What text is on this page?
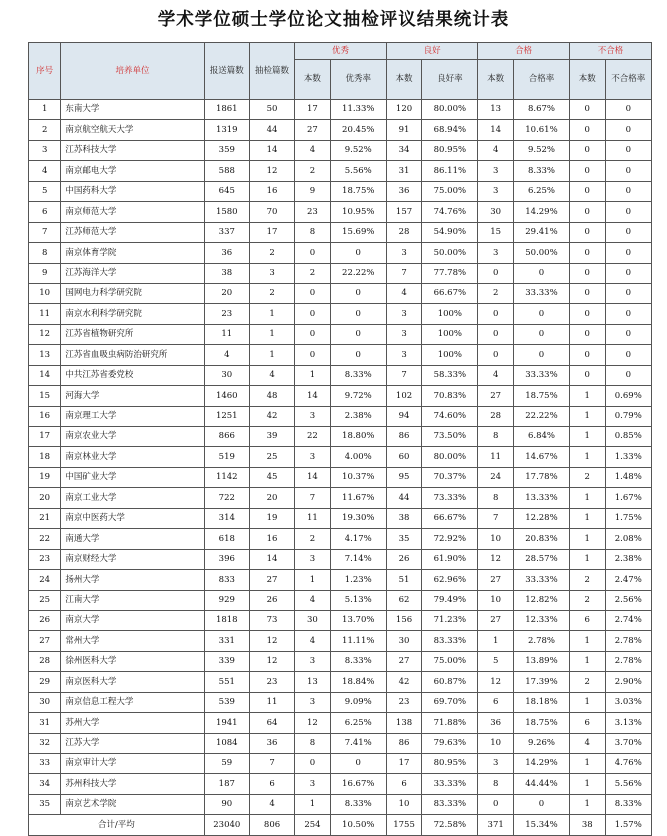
学术学位硕士学位论文抽检评议结果统计表
序号	培养单位	报送篇数	抽检篇数	优秀		良好		合格		不合格	
				本数	优秀率	本数	良好率	本数	合格率	本数	不合格率
1	东南大学	1861	50	17	11.33%	120	80.00%	13	8.67%	0	0
2	南京航空航天大学	1319	44	27	20.45%	91	68.94%	14	10.61%	0	0
3	江苏科技大学	359	14	4	9.52%	34	80.95%	4	9.52%	0	0
4	南京邮电大学	588	12	2	5.56%	31	86.11%	3	8.33%	0	0
5	中国药科大学	645	16	9	18.75%	36	75.00%	3	6.25%	0	0
6	南京师范大学	1580	70	23	10.95%	157	74.76%	30	14.29%	0	0
7	江苏师范大学	337	17	8	15.69%	28	54.90%	15	29.41%	0	0
8	南京体育学院	36	2	0	0	3	50.00%	3	50.00%	0	0
9	江苏海洋大学	38	3	2	22.22%	7	77.78%	0	0	0	0
10	国网电力科学研究院	20	2	0	0	4	66.67%	2	33.33%	0	0
11	南京水利科学研究院	23	1	0	0	3	100%	0	0	0	0
12	江苏省植物研究所	11	1	0	0	3	100%	0	0	0	0
13	江苏省血吸虫病防治研究所	4	1	0	0	3	100%	0	0	0	0
14	中共江苏省委党校	30	4	1	8.33%	7	58.33%	4	33.33%	0	0
15	河海大学	1460	48	14	9.72%	102	70.83%	27	18.75%	1	0.69%
16	南京理工大学	1251	42	3	2.38%	94	74.60%	28	22.22%	1	0.79%
17	南京农业大学	866	39	22	18.80%	86	73.50%	8	6.84%	1	0.85%
18	南京林业大学	519	25	3	4.00%	60	80.00%	11	14.67%	1	1.33%
19	中国矿业大学	1142	45	14	10.37%	95	70.37%	24	17.78%	2	1.48%
20	南京工业大学	722	20	7	11.67%	44	73.33%	8	13.33%	1	1.67%
21	南京中医药大学	314	19	11	19.30%	38	66.67%	7	12.28%	1	1.75%
22	南通大学	618	16	2	4.17%	35	72.92%	10	20.83%	1	2.08%
23	南京财经大学	396	14	3	7.14%	26	61.90%	12	28.57%	1	2.38%
24	扬州大学	833	27	1	1.23%	51	62.96%	27	33.33%	2	2.47%
25	江南大学	929	26	4	5.13%	62	79.49%	10	12.82%	2	2.56%
26	南京大学	1818	73	30	13.70%	156	71.23%	27	12.33%	6	2.74%
27	常州大学	331	12	4	11.11%	30	83.33%	1	2.78%	1	2.78%
28	徐州医科大学	339	12	3	8.33%	27	75.00%	5	13.89%	1	2.78%
29	南京医科大学	551	23	13	18.84%	42	60.87%	12	17.39%	2	2.90%
30	南京信息工程大学	539	11	3	9.09%	23	69.70%	6	18.18%	1	3.03%
31	苏州大学	1941	64	12	6.25%	138	71.88%	36	18.75%	6	3.13%
32	江苏大学	1084	36	8	7.41%	86	79.63%	10	9.26%	4	3.70%
33	南京审计大学	59	7	0	0	17	80.95%	3	14.29%	1	4.76%
34	苏州科技大学	187	6	3	16.67%	6	33.33%	8	44.44%	1	5.56%
35	南京艺术学院	90	4	1	8.33%	10	83.33%	0	0	1	8.33%
合计/平均		23040	806	254	10.50%	1755	72.58%	371	15.34%	38	1.57%
